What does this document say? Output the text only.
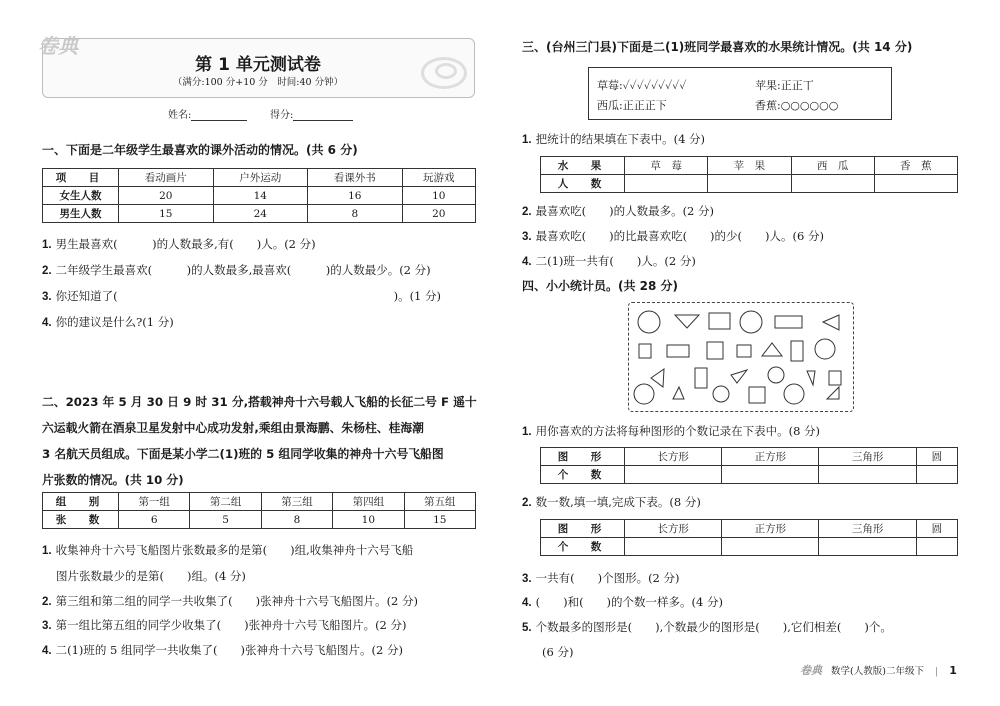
卷典
第 1 单元测试卷
（满分:100 分+10 分　时间:40 分钟）
姓名:	得分:
一、下面是二年级学生最喜欢的课外活动的情况。(共 6 分)
项　目	看动画片	户外运动	看课外书	玩游戏
女生人数	20	14	16	10
男生人数	15	24	8	20
1. 男生最喜欢(　　　)的人数最多,有(　　)人。(2 分)
2. 二年级学生最喜欢(　　　)的人数最多,最喜欢(　　　)的人数最少。(2 分)
3. 你还知道了(　　　　　　　　　　　　　　　　　　　　　　　　)。(1 分)
4. 你的建议是什么?(1 分)
二、2023 年 5 月 30 日 9 时 31 分,搭载神舟十六号载人飞船的长征二号 F 遥十
六运载火箭在酒泉卫星发射中心成功发射,乘组由景海鹏、朱杨柱、桂海潮
3 名航天员组成。下面是某小学二(1)班的 5 组同学收集的神舟十六号飞船图
片张数的情况。(共 10 分)
组　别	第一组	第二组	第三组	第四组	第五组
张　数	6	5	8	10	15
1. 收集神舟十六号飞船图片张数最多的是第(　　)组,收集神舟十六号飞船
图片张数最少的是第(　　)组。(4 分)
2. 第三组和第二组的同学一共收集了(　　)张神舟十六号飞船图片。(2 分)
3. 第一组比第五组的同学少收集了(　　)张神舟十六号飞船图片。(2 分)
4. 二(1)班的 5 组同学一共收集了(　　)张神舟十六号飞船图片。(2 分)
三、(台州三门县)下面是二(1)班同学最喜欢的水果统计情况。(共 14 分)
草莓:✓✓✓✓✓✓✓✓✓	苹果:正正丅
西瓜:正正正下	香蕉:○○○○○○
1. 把统计的结果填在下表中。(4 分)
水　果	草　莓	苹　果	西　瓜	香　蕉
人　数				
2. 最喜欢吃(　　)的人数最多。(2 分)
3. 最喜欢吃(　　)的比最喜欢吃(　　)的少(　　)人。(6 分)
4. 二(1)班一共有(　　)人。(2 分)
四、小小统计员。(共 28 分)
1. 用你喜欢的方法将每种图形的个数记录在下表中。(8 分)
图　形	长方形	正方形	三角形	圆
个　数				
2. 数一数,填一填,完成下表。(8 分)
图　形	长方形	正方形	三角形	圆
个　数				
3. 一共有(　　)个图形。(2 分)
4. (　　)和(　　)的个数一样多。(4 分)
5. 个数最多的图形是(　　),个数最少的图形是(　　),它们相差(　　)个。
(6 分)
卷典 数学(人教版)二年级下 | 1
